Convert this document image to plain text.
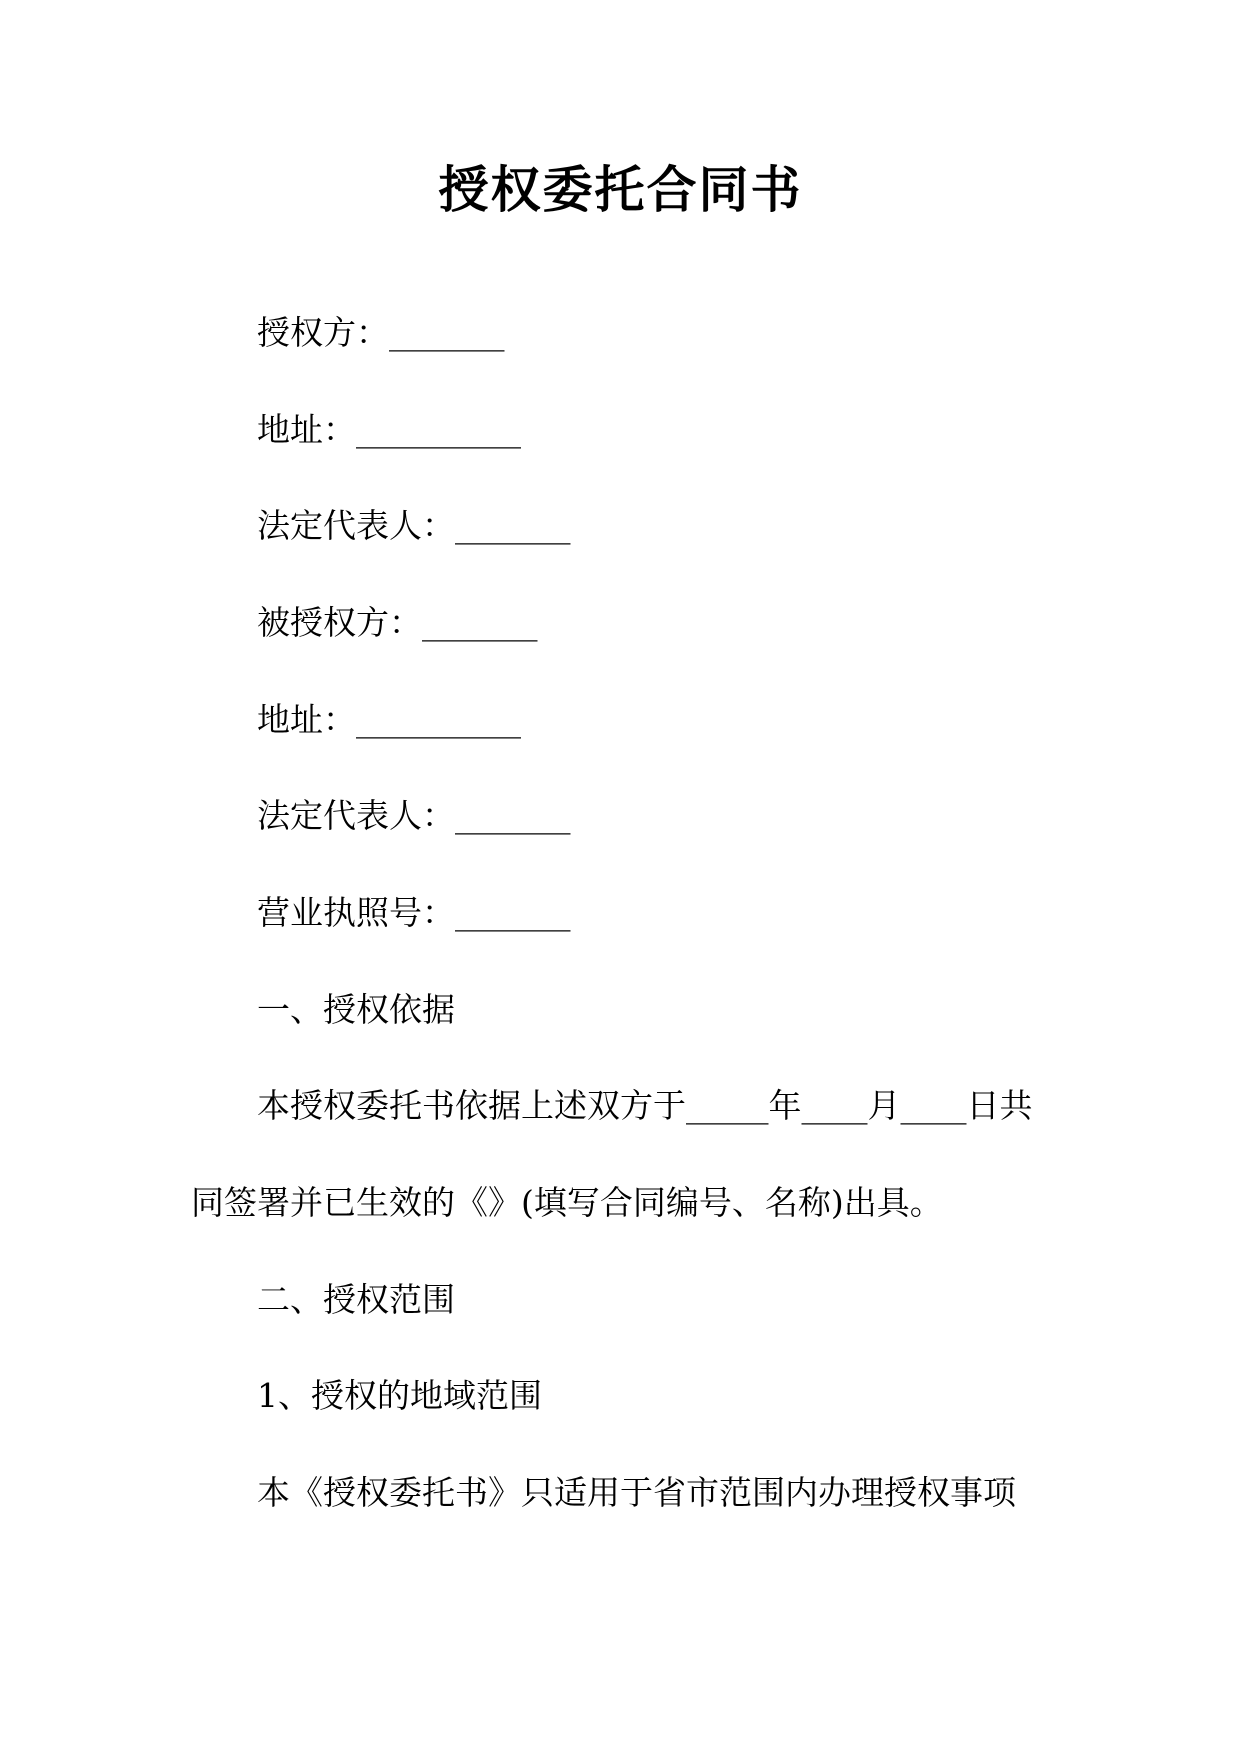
授权委托合同书
授权方：_______
地址：__________
法定代表人：_______
被授权方：_______
地址：__________
法定代表人：_______
营业执照号：_______
一、授权依据
本授权委托书依据上述双方于_____年____月____日共
同签署并已生效的《》(填写合同编号、名称)出具。
二、授权范围
1、授权的地域范围
本《授权委托书》只适用于省市范围内办理授权事项
